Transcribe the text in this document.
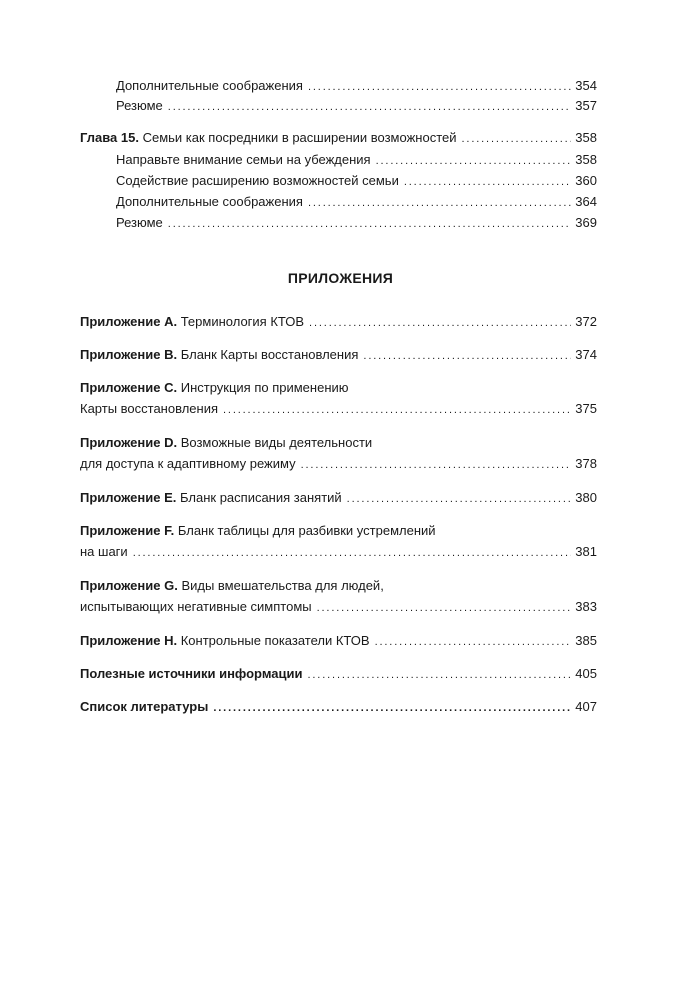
Дополнительные соображения . . .	354
Резюме . . .	357
Глава 15. Семьи как посредники в расширении возможностей . . .	358
Направьте внимание семьи на убеждения . . .	358
Содействие расширению возможностей семьи . . .	360
Дополнительные соображения . . .	364
Резюме . . .	369
ПРИЛОЖЕНИЯ
Приложение A. Терминология КТОВ . . .	372
Приложение B. Бланк Карты восстановления . . .	374
Приложение C. Инструкция по применению
Карты восстановления . . .	375
Приложение D. Возможные виды деятельности
для доступа к адаптивному режиму . . .	378
Приложение E. Бланк расписания занятий . . .	380
Приложение F. Бланк таблицы для разбивки устремлений
на шаги . . .	381
Приложение G. Виды вмешательства для людей,
испытывающих негативные симптомы . . .	383
Приложение H. Контрольные показатели КТОВ . . .	385
Полезные источники информации . . .	405
Список литературы . . .	407
